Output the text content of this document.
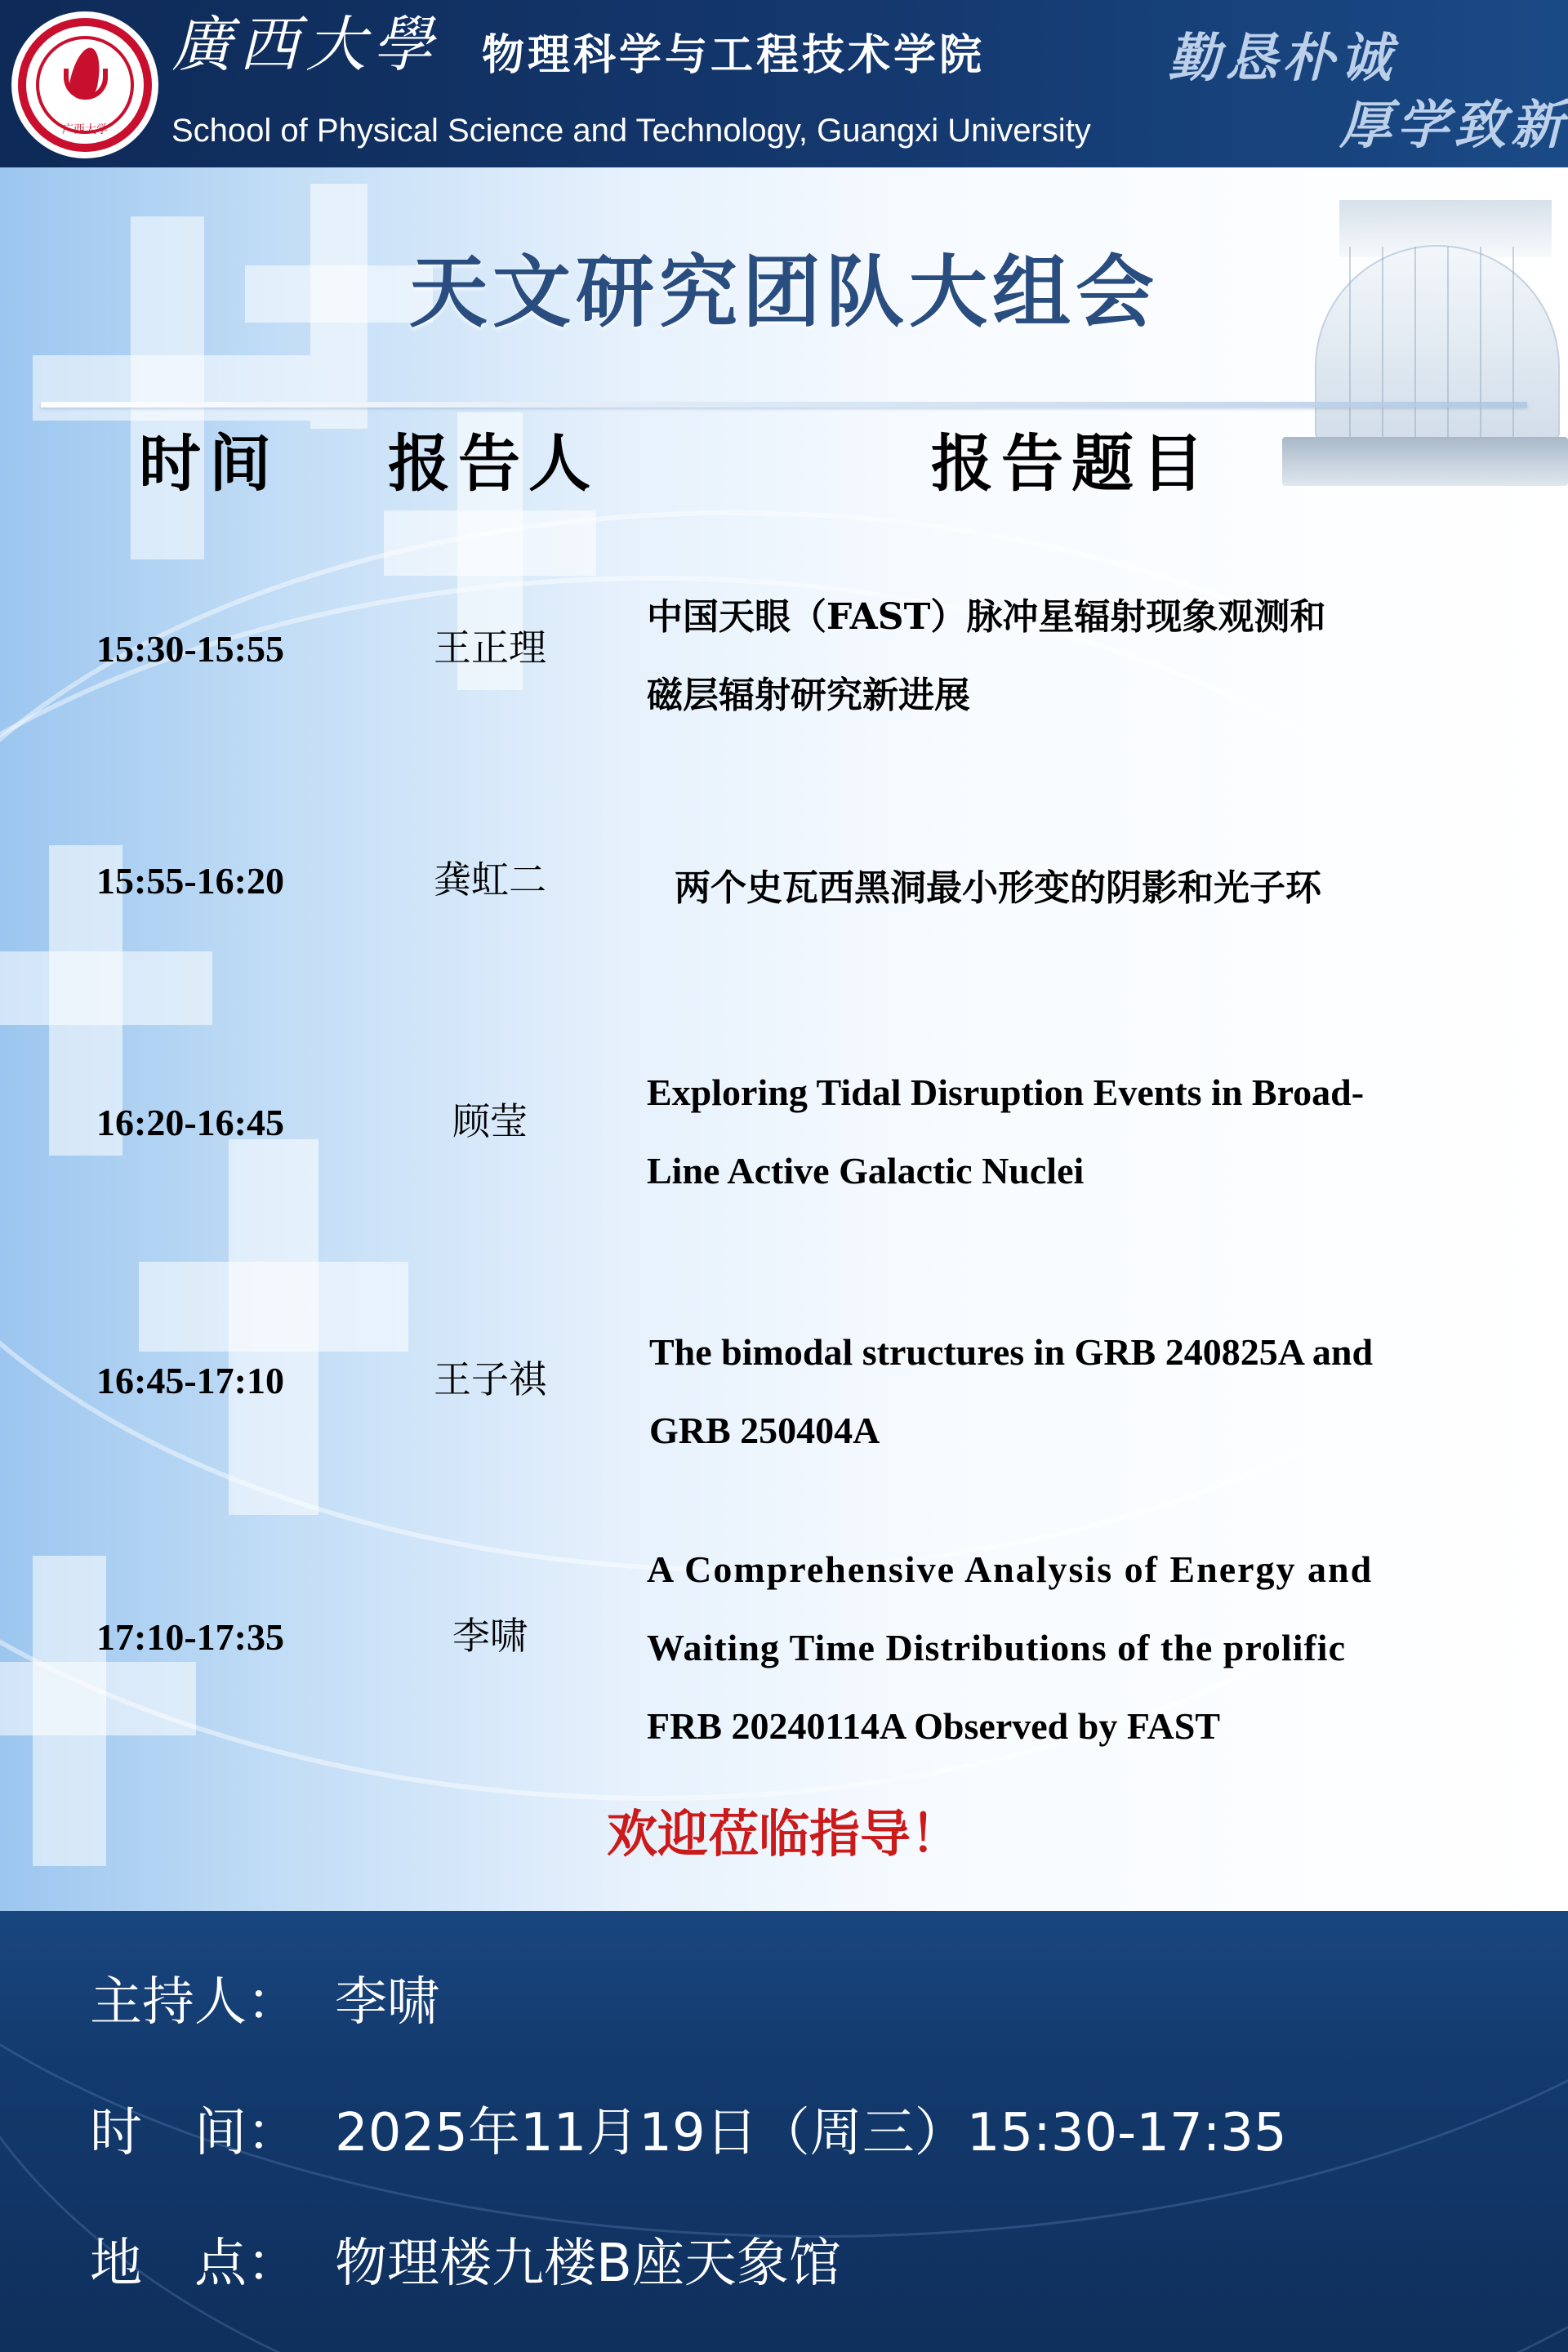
广西大学
廣西大學 物理科学与工程技术学院
School of Physical Science and Technology, Guangxi University
勤恳朴诚
厚学致新
天文研究团队大组会
时间 报告人	报告题目
15:30-15:55	王正理
中国天眼（FAST）脉冲星辐射现象观测和
磁层辐射研究新进展
15:55-16:20	龚虹二	两个史瓦西黑洞最小形变的阴影和光子环
16:20-16:45	顾莹
Exploring Tidal Disruption Events in Broad-
Line Active Galactic Nuclei
16:45-17:10	王子祺
The bimodal structures in GRB 240825A and
GRB 250404A
17:10-17:35	李啸
A Comprehensive Analysis of Energy and
Waiting Time Distributions of the prolific
FRB 20240114A Observed by FAST
欢迎莅临指导！
主持人： 李啸
时　间： 2025年11月19日（周三）15:30-17:35
地　点： 物理楼九楼B座天象馆
